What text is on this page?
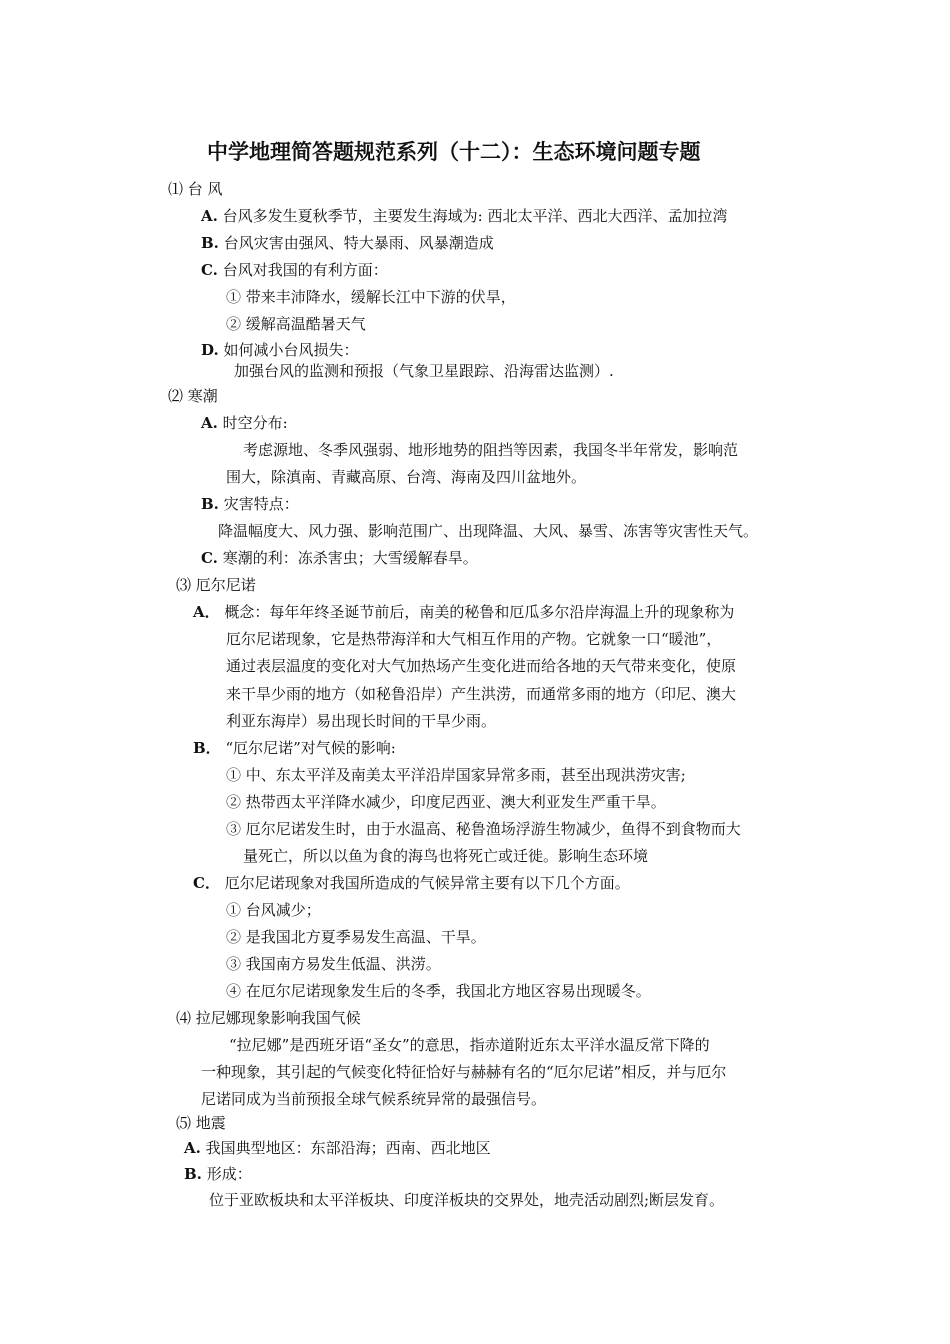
中学地理简答题规范系列（十二）：生态环境问题专题
⑴ 台 风
A. 台风多发生夏秋季节，主要发生海域为: 西北太平洋、西北大西洋、孟加拉湾
B. 台风灾害由强风、特大暴雨、风暴潮造成
C. 台风对我国的有利方面：
① 带来丰沛降水，缓解长江中下游的伏旱，
② 缓解高温酷暑天气
D. 如何减小台风损失：
加强台风的监测和预报（气象卫星跟踪、沿海雷达监测）.
⑵ 寒潮
A. 时空分布:
考虑源地、冬季风强弱、地形地势的阻挡等因素，我国冬半年常发，影响范
围大，除滇南、青藏高原、台湾、海南及四川盆地外。
B. 灾害特点：
降温幅度大、风力强、影响范围广、出现降温、大风、暴雪、冻害等灾害性天气。
C. 寒潮的利：冻杀害虫；大雪缓解春旱。
⑶ 厄尔尼诺
A． 概念：每年年终圣诞节前后，南美的秘鲁和厄瓜多尔沿岸海温上升的现象称为
厄尔尼诺现象，它是热带海洋和大气相互作用的产物。它就象一口“暖池”，
通过表层温度的变化对大气加热场产生变化进而给各地的天气带来变化，使原
来干旱少雨的地方（如秘鲁沿岸）产生洪涝，而通常多雨的地方（印尼、澳大
利亚东海岸）易出现长时间的干旱少雨。
B． “厄尔尼诺”对气候的影响:
① 中、东太平洋及南美太平洋沿岸国家异常多雨，甚至出现洪涝灾害;
② 热带西太平洋降水减少，印度尼西亚、澳大利亚发生严重干旱。
③ 厄尔尼诺发生时，由于水温高、秘鲁渔场浮游生物减少，鱼得不到食物而大
量死亡，所以以鱼为食的海鸟也将死亡或迁徙。影响生态环境
C． 厄尔尼诺现象对我国所造成的气候异常主要有以下几个方面。
① 台风减少；
② 是我国北方夏季易发生高温、干旱。
③ 我国南方易发生低温、洪涝。
④ 在厄尔尼诺现象发生后的冬季，我国北方地区容易出现暖冬。
⑷ 拉尼娜现象影响我国气候
“拉尼娜”是西班牙语“圣女”的意思，指赤道附近东太平洋水温反常下降的
一种现象，其引起的气候变化特征恰好与赫赫有名的“厄尔尼诺”相反，并与厄尔
尼诺同成为当前预报全球气候系统异常的最强信号。
⑸ 地震
A. 我国典型地区：东部沿海；西南、西北地区
B. 形成：
位于亚欧板块和太平洋板块、印度洋板块的交界处，地壳活动剧烈;断层发育。
